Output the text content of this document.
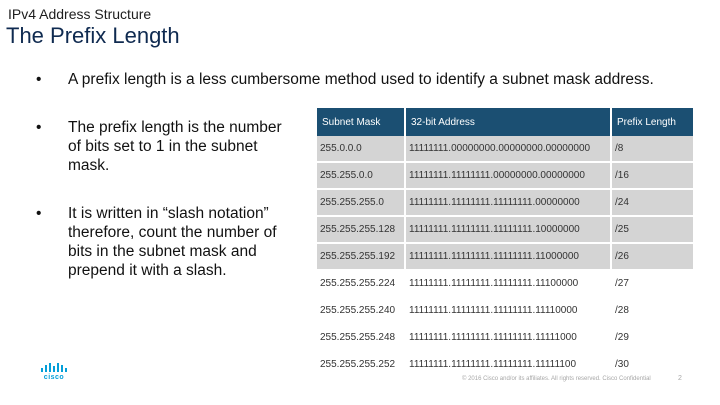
IPv4 Address Structure
The Prefix Length
•	A prefix length is a less cumbersome method used to identify a subnet mask address.
•	The prefix length is the number of bits set to 1 in the subnet mask.
•	It is written in “slash notation” therefore, count the number of bits in the subnet mask and prepend it with a slash.
Subnet Mask	32-bit Address	Prefix Length
255.0.0.0	11111111.00000000.00000000.00000000	/8
255.255.0.0	11111111.11111111.00000000.00000000	/16
255.255.255.0	11111111.11111111.11111111.00000000	/24
255.255.255.128	11111111.11111111.11111111.10000000	/25
255.255.255.192	11111111.11111111.11111111.11000000	/26
255.255.255.224	11111111.11111111.11111111.11100000	/27
255.255.255.240	11111111.11111111.11111111.11110000	/28
255.255.255.248	11111111.11111111.11111111.11111000	/29
255.255.255.252	11111111.11111111.11111111.11111100	/30
cisco	© 2016 Cisco and/or its affiliates. All rights reserved. Cisco Confidential	2
